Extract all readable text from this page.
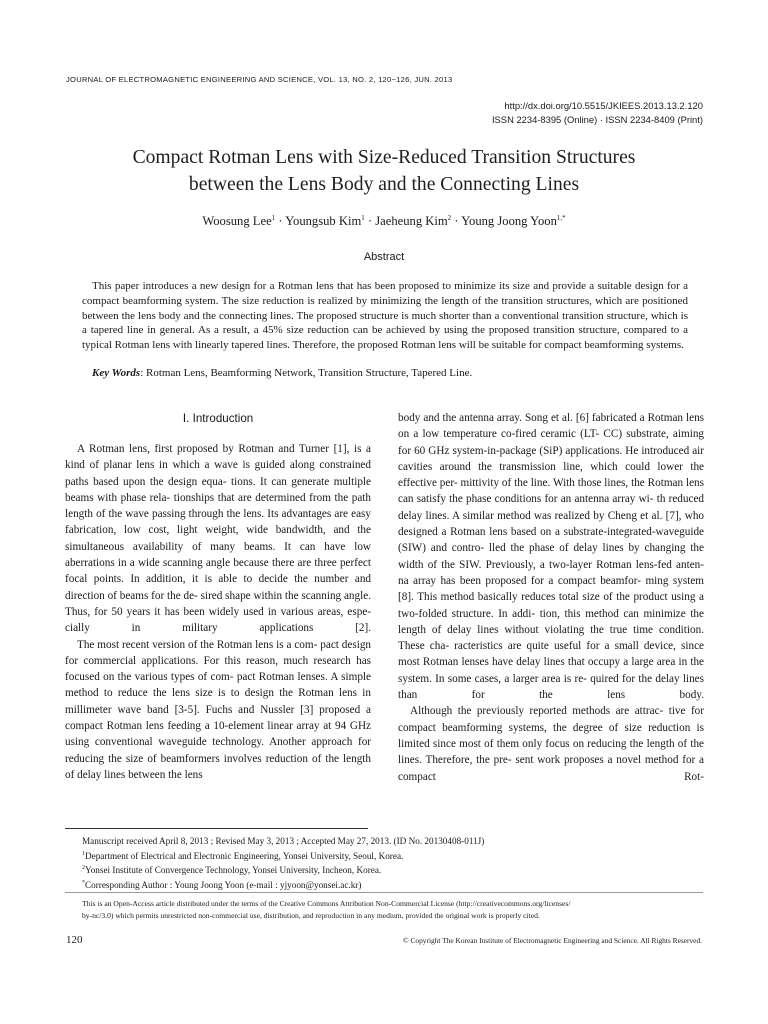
JOURNAL OF ELECTROMAGNETIC ENGINEERING AND SCIENCE, VOL. 13, NO. 2, 120~126, JUN. 2013
http://dx.doi.org/10.5515/JKIEES.2013.13.2.120
ISSN 2234-8395 (Online) · ISSN 2234-8409 (Print)
Compact Rotman Lens with Size-Reduced Transition Structures
between the Lens Body and the Connecting Lines
Woosung Lee$^1$ · Youngsub Kim$^1$ · Jaeheung Kim$^2$ · Young Joong Yoon$^{1,*}$
Abstract

This paper introduces a new design for a Rotman lens that has been proposed to minimize its size and provide a suitable design for a compact beamforming system. The size reduction is realized by minimizing the length of the transition structures, which are positioned between the lens body and the connecting lines. The proposed structure is much shorter than a conventional transition structure, which is a tapered line in general. As a result, a 45% size reduction can be achieved by using the proposed transition structure, compared to a typical Rotman lens with linearly tapered lines. Therefore, the proposed Rotman lens will be suitable for compact beamforming systems.

Key Words: Rotman Lens, Beamforming Network, Transition Structure, Tapered Line.
Ⅰ. Introduction

A Rotman lens, first proposed by Rotman and Turner [1], is a kind of planar lens in which a wave is guided along constrained paths based upon the design equa- tions. It can generate multiple beams with phase rela- tionships that are determined from the path length of the wave passing through the lens. Its advantages are easy fabrication, low cost, light weight, wide bandwidth, and the simultaneous availability of many beams. It can have low aberrations in a wide scanning angle because there are three perfect focal points. In addition, it is able to decide the number and direction of beams for the de- sired shape within the scanning angle. Thus, for 50 years it has been widely used in various areas, espe- cially in military applications [2].

The most recent version of the Rotman lens is a com- pact design for commercial applications. For this reason, much research has focused on the various types of com- pact Rotman lenses. A simple method to reduce the lens size is to design the Rotman lens in millimeter wave band [3-5]. Fuchs and Nussler [3] proposed a compact Rotman lens feeding a 10-element linear array at 94 GHz using conventional waveguide technology. Another approach for reducing the size of beamformers involves reduction of the length of delay lines between the lens

body and the antenna array. Song et al. [6] fabricated a Rotman lens on a low temperature co-fired ceramic (LT- CC) substrate, aiming for 60 GHz system-in-package (SiP) applications. He introduced air cavities around the transmission line, which could lower the effective per- mittivity of the line. With those lines, the Rotman lens can satisfy the phase conditions for an antenna array wi- th reduced delay lines. A similar method was realized by Cheng et al. [7], who designed a Rotman lens based on a substrate-integrated-waveguide (SIW) and contro- lled the phase of delay lines by changing the width of the SIW. Previously, a two-layer Rotman lens-fed anten- na array has been proposed for a compact beamfor- ming system [8]. This method basically reduces total size of the product using a two-folded structure. In addi- tion, this method can minimize the length of delay lines without violating the true time condition. These cha- racteristics are quite useful for a small device, since most Rotman lenses have delay lines that occupy a large area in the system. In some cases, a larger area is re- quired for the delay lines than for the lens body.

Although the previously reported methods are attrac- tive for compact beamforming systems, the degree of size reduction is limited since most of them only focus on reducing the length of the lines. Therefore, the pre- sent work proposes a novel method for a compact Rot-

Manuscript received April 8, 2013 ; Revised May 3, 2013 ; Accepted May 27, 2013. (ID No. 20130408-011J)
$^1$Department of Electrical and Electronic Engineering, Yonsei University, Seoul, Korea.
$^2$Yonsei Institute of Convergence Technology, Yonsei University, Incheon, Korea.
*Corresponding Author : Young Joong Yoon (e-mail : yjyoon@yonsei.ac.kr)
This is an Open-Access article distributed under the terms of the Creative Commons Attribution Non-Commercial License (http://creativecommons.org/licenses/
by-nc/3.0) which permits unrestricted non-commercial use, distribution, and reproduction in any medium, provided the original work is properly cited.
120	© Copyright The Korean Institute of Electromagnetic Engineering and Science. All Rights Reserved.
